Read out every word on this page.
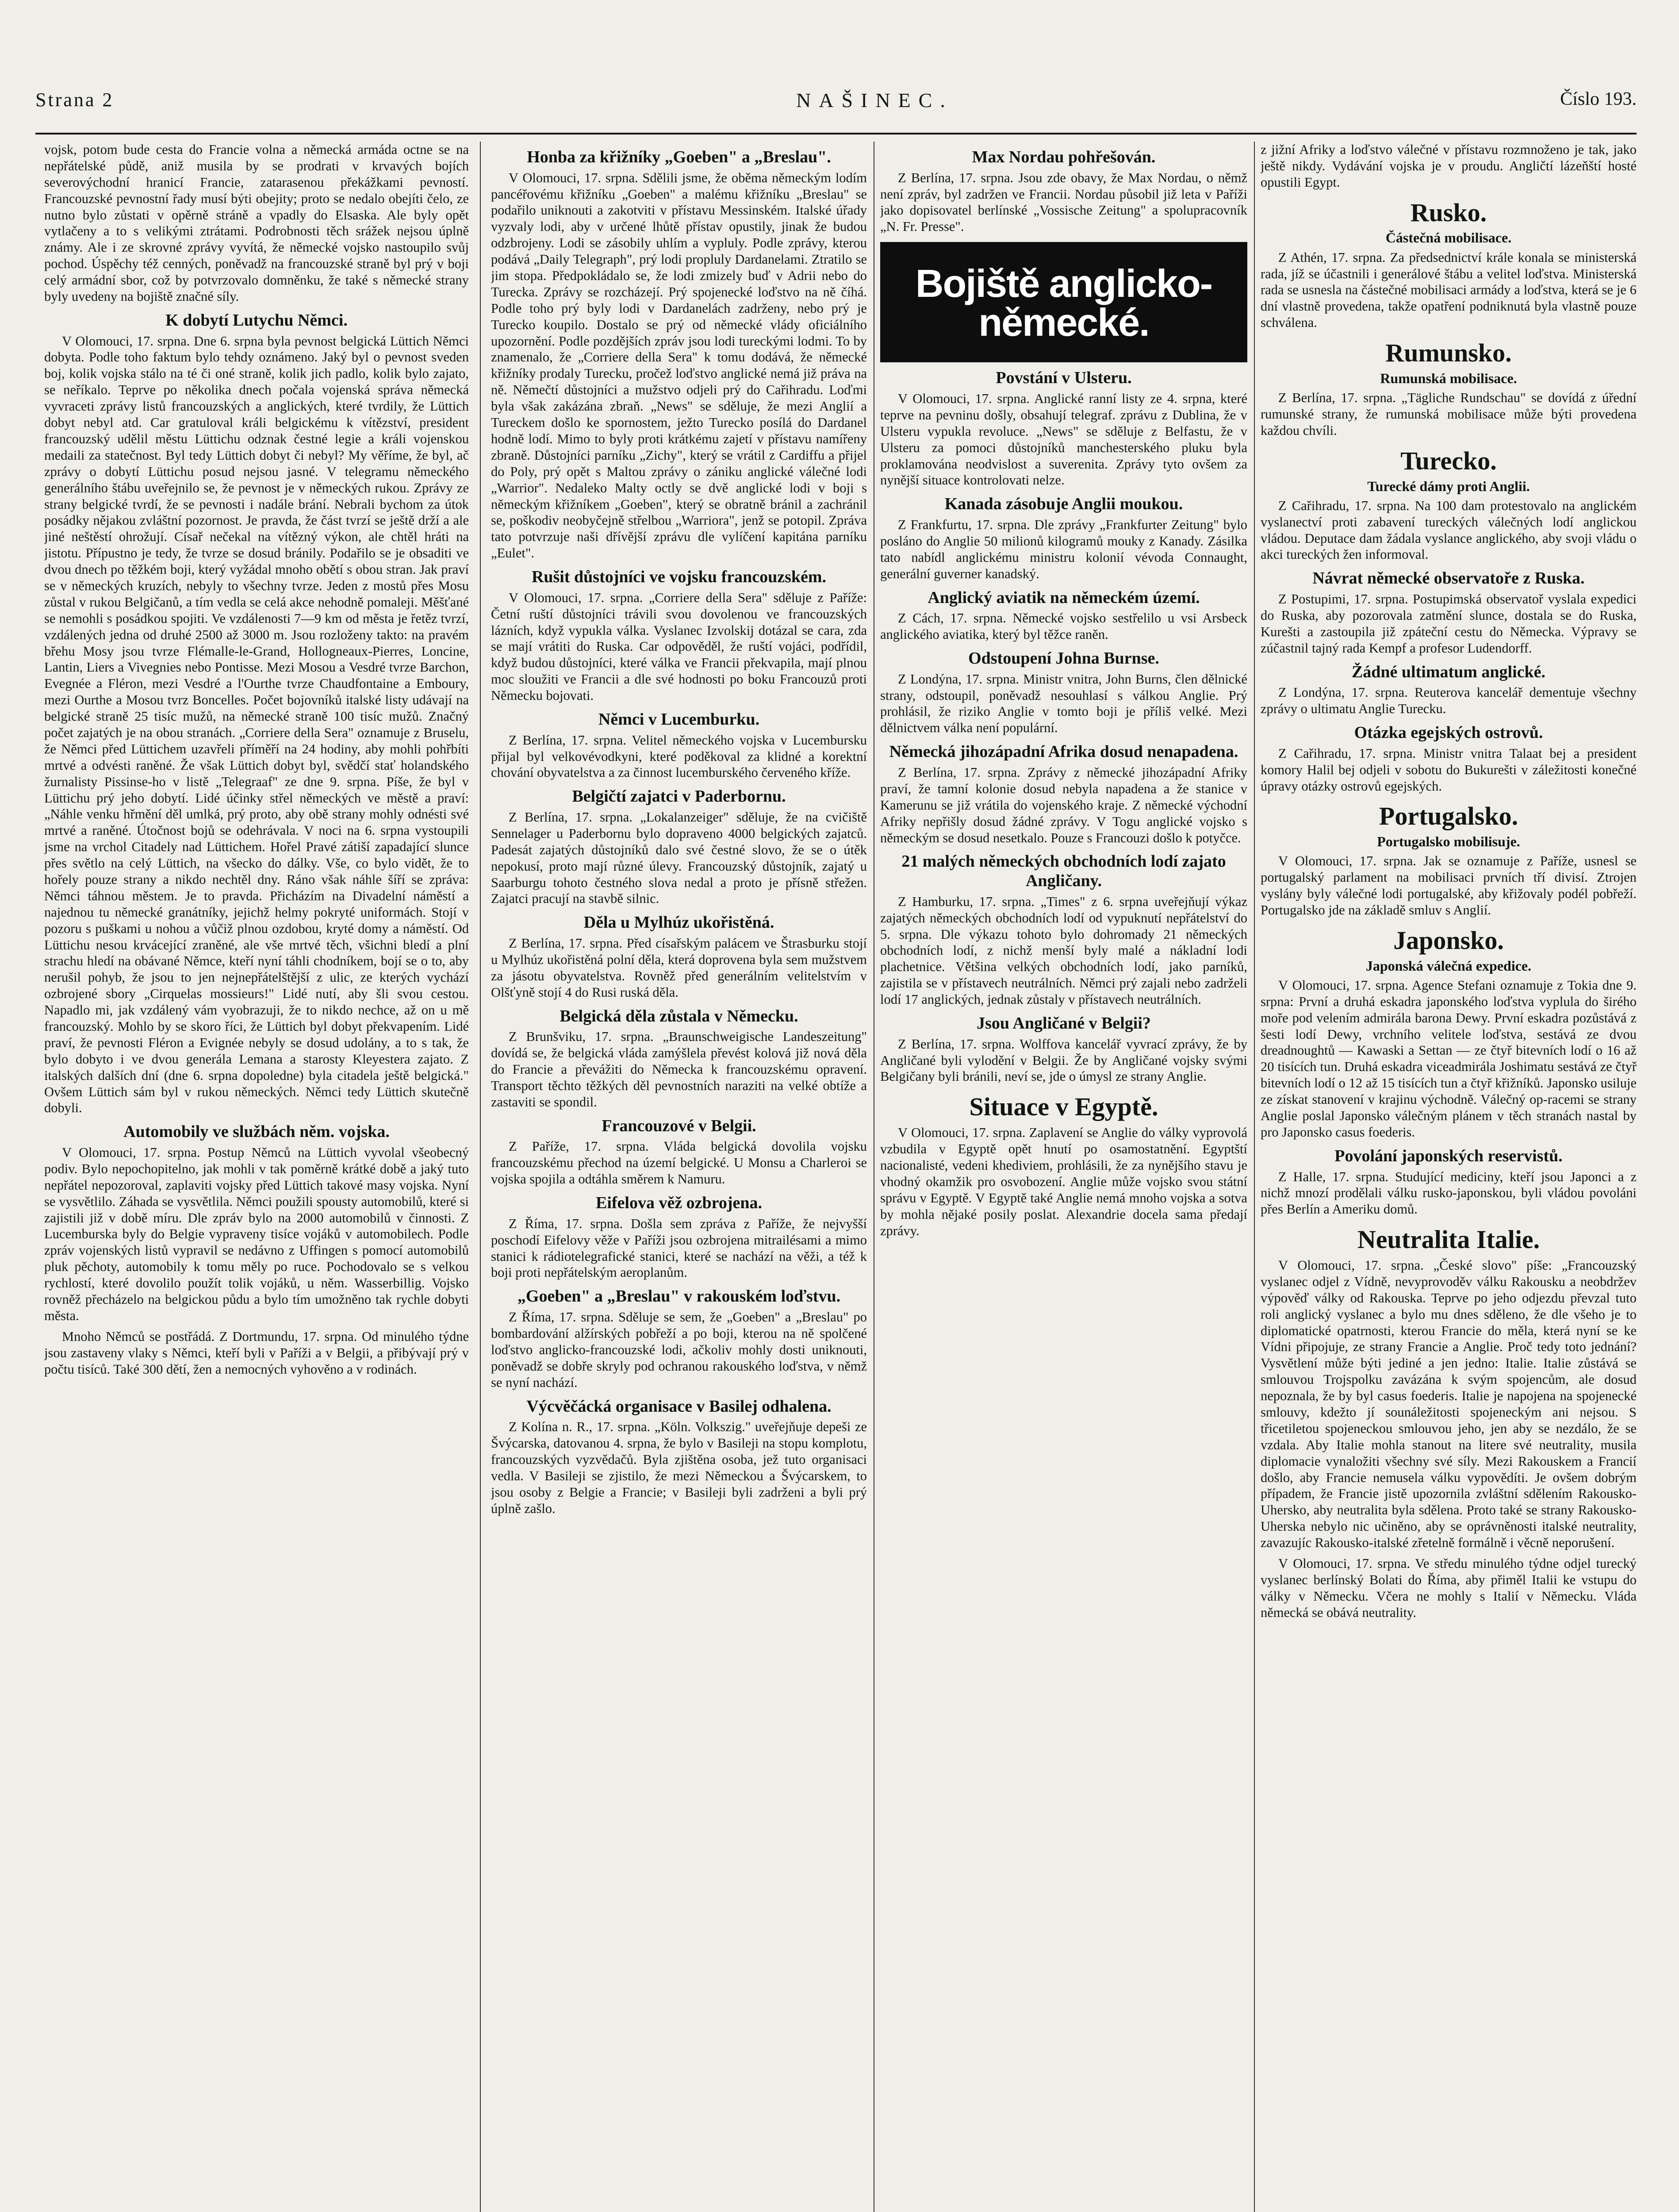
Strana 2	NAŠINEC.	Číslo 193.

vojsk, potom bude cesta do Francie volna a německá armáda octne se na nepřátelské půdě, aniž musila by se prodrati v krvavých bojích severovýchodní hranicí Francie, zatarasenou překážkami pevností. Francouzské pevnostní řady musí býti obejity; proto se nedalo obejíti čelo, ze nutno bylo zůstati v opěrně stráně a vpadly do Elsaska. Ale byly opět vytlačeny a to s velikými ztrátami. Podrobnosti těch srážek nejsou úplně známy. Ale i ze skrovné zprávy vyvítá, že německé vojsko nastoupilo svůj pochod. Úspěchy též cenných, poněvadž na francouzské straně byl prý v boji celý armádní sbor, což by potvrzovalo domněnku, že také s německé strany byly uvedeny na bojiště značné síly.

K dobytí Lutychu Němci.

V Olomouci, 17. srpna. Dne 6. srpna byla pevnost belgická Lüttich Němci dobyta. Podle toho faktum bylo tehdy oznámeno. Jaký byl o pevnost sveden boj, kolik vojska stálo na té či oné straně, kolik jich padlo, kolik bylo zajato, se neříkalo. Teprve po několika dnech počala vojenská správa německá vyvraceti zprávy listů francouzských a anglických, které tvrdily, že Lüttich dobyt nebyl atd. Car gratuloval králi belgickému k vítězství, president francouzský udělil městu Lüttichu odznak čestné legie a králi vojenskou medaili za statečnost. Byl tedy Lüttich dobyt či nebyl? My věříme, že byl, ač zprávy o dobytí Lüttichu posud nejsou jasné. V telegramu německého generálního štábu uveřejnilo se, že pevnost je v německých rukou. Zprávy ze strany belgické tvrdí, že se pevnosti i nadále brání. Nebrali bychom za útok posádky nějakou zvláštní pozornost. Je pravda, že část tvrzí se ještě drží a ale jiné neštěstí ohrožují. Císař nečekal na vítězný výkon, ale chtěl hráti na jistotu. Přípustno je tedy, že tvrze se dosud bránily. Podařilo se je obsaditi ve dvou dnech po těžkém boji, který vyžádal mnoho obětí s obou stran. Jak praví se v německých kruzích, nebyly to všechny tvrze. Jeden z mostů přes Mosu zůstal v rukou Belgičanů, a tím vedla se celá akce nehodně pomaleji. Měšťané se nemohli s posádkou spojiti. Ve vzdálenosti 7—9 km od města je řetěz tvrzí, vzdálených jedna od druhé 2500 až 3000 m. Jsou rozloženy takto: na pravém břehu Mosy jsou tvrze Flémalle-le-Grand, Hollogneaux-Pierres, Loncine, Lantin, Liers a Vivegnies nebo Pontisse. Mezi Mosou a Vesdré tvrze Barchon, Evegnée a Fléron, mezi Vesdré a l'Ourthe tvrze Chaudfontaine a Emboury, mezi Ourthe a Mosou tvrz Boncelles. Počet bojovníků italské listy udávají na belgické straně 25 tisíc mužů, na německé straně 100 tisíc mužů. Značný počet zajatých je na obou stranách. „Corriere della Sera" oznamuje z Bruselu, že Němci před Lüttichem uzavřeli příměří na 24 hodiny, aby mohli pohřbíti mrtvé a odvésti raněné. Že však Lüttich dobyt byl, svědčí stať holandského žurnalisty Pissinse-ho v listě „Telegraaf" ze dne 9. srpna. Píše, že byl v Lüttichu prý jeho dobytí. Lidé účinky střel německých ve městě a praví: „Náhle venku hřmění děl umlká, prý proto, aby obě strany mohly odnésti své mrtvé a raněné. Útočnost bojů se odehrávala. V noci na 6. srpna vystoupili jsme na vrchol Citadely nad Lüttichem. Hořel Pravé zátiší zapadající slunce přes světlo na celý Lüttich, na všecko do dálky. Vše, co bylo vidět, že to hořely pouze strany a nikdo nechtěl dny. Ráno však náhle šíří se zpráva: Němci táhnou městem. Je to pravda. Přicházím na Divadelní náměstí a najednou tu německé granátníky, jejichž helmy pokryté uniformách. Stojí v pozoru s puškami u nohou a vůčiž plnou ozdobou, kryté domy a náměstí. Od Lüttichu nesou krvácející zraněné, ale vše mrtvé těch, všichni bledí a plní strachu hledí na obávané Němce, kteří nyní táhli chodníkem, bojí se o to, aby nerušil pohyb, že jsou to jen nejnepřátelštější z ulic, ze kterých vychází ozbrojené sbory „Cirquelas mossieurs!" Lidé nutí, aby šli svou cestou. Napadlo mi, jak vzdálený vám vyobrazuji, že to nikdo nechce, až on u mě francouzský. Mohlo by se skoro říci, že Lüttich byl dobyt překvapením. Lidé praví, že pevnosti Fléron a Evignée nebyly se dosud udolány, a to s tak, že bylo dobyto i ve dvou generála Lemana a starosty Kleyestera zajato. Z italských dalších dní (dne 6. srpna dopoledne) byla citadela ještě belgická." Ovšem Lüttich sám byl v rukou německých. Němci tedy Lüttich skutečně dobyli.

Automobily ve službách něm. vojska.

V Olomouci, 17. srpna. Postup Němců na Lüttich vyvolal všeobecný podiv. Bylo nepochopitelno, jak mohli v tak poměrně krátké době a jaký tuto nepřátel nepozoroval, zaplaviti vojsky před Lüttich takové masy vojska. Nyní se vysvětlilo. Záhada se vysvětlila. Němci použili spousty automobilů, které si zajistili již v době míru. Dle zpráv bylo na 2000 automobilů v činnosti. Z Lucemburska byly do Belgie vypraveny tisíce vojáků v automobilech. Podle zpráv vojenských listů vypravil se nedávno z Uffingen s pomocí automobilů pluk pěchoty, automobily k tomu měly po ruce. Pochodovalo se s velkou rychlostí, které dovolilo použít tolik vojáků, u něm. Wasserbillig. Vojsko rovněž přecházelo na belgickou půdu a bylo tím umožněno tak rychle dobyti města.

Mnoho Němců se postřádá. Z Dortmundu, 17. srpna. Od minulého týdne jsou zastaveny vlaky s Němci, kteří byli v Paříži a v Belgii, a přibývají prý v počtu tisíců. Také 300 dětí, žen a nemocných vyhověno a v rodinách.

Honba za křižníky „Goeben" a „Breslau".

V Olomouci, 17. srpna. Sdělili jsme, že oběma německým lodím pancéřovému křižníku „Goeben" a malému křižníku „Breslau" se podařilo uniknouti a zakotviti v přístavu Messinském. Italské úřady vyzvaly lodi, aby v určené lhůtě přístav opustily, jinak že budou odzbrojeny. Lodi se zásobily uhlím a vypluly. Podle zprávy, kterou podává „Daily Telegraph", prý lodi propluly Dardanelami. Ztratilo se jim stopa. Předpokládalo se, že lodi zmizely buď v Adrii nebo do Turecka. Zprávy se rozcházejí. Prý spojenecké loďstvo na ně číhá. Podle toho prý byly lodi v Dardanelách zadrženy, nebo prý je Turecko koupilo. Dostalo se prý od německé vlády oficiálního upozornění. Podle pozdějších zpráv jsou lodi tureckými lodmi. To by znamenalo, že „Corriere della Sera" k tomu dodává, že německé křižníky prodaly Turecku, pročež loďstvo anglické nemá již práva na ně. Němečtí důstojníci a mužstvo odjeli prý do Cařihradu. Loďmi byla však zakázána zbraň. „News" se sděluje, že mezi Anglií a Tureckem došlo ke spornostem, ježto Turecko posílá do Dardanel hodně lodí. Mimo to byly proti krátkému zajetí v přístavu namířeny zbraně. Důstojníci parníku „Zichy", který se vrátil z Cardiffu a přijel do Poly, prý opět s Maltou zprávy o zániku anglické válečné lodi „Warrior". Nedaleko Malty octly se dvě anglické lodi v boji s německým křižníkem „Goeben", který se obratně bránil a zachránil se, poškodiv neobyčejně střelbou „Warriora", jenž se potopil. Zpráva tato potvrzuje naši dřívější zprávu dle vylíčení kapitána parníku „Eulet".

Rušit důstojníci ve vojsku francouzském.

V Olomouci, 17. srpna. „Corriere della Sera" sděluje z Paříže: Četní ruští důstojníci trávili svou dovolenou ve francouzských lázních, když vypukla válka. Vyslanec Izvolskij dotázal se cara, zda se mají vrátiti do Ruska. Car odpověděl, že ruští vojáci, podřídil, když budou důstojníci, které válka ve Francii překvapila, mají plnou moc sloužiti ve Francii a dle své hodnosti po boku Francouzů proti Německu bojovati.

Němci v Lucemburku.

Z Berlína, 17. srpna. Velitel německého vojska v Lucembursku přijal byl velkovévodkyni, které poděkoval za klidné a korektní chování obyvatelstva a za činnost lucemburského červeného kříže.

Belgičtí zajatci v Paderbornu.

Z Berlína, 17. srpna. „Lokalanzeiger" sděluje, že na cvičiště Sennelager u Paderbornu bylo dopraveno 4000 belgických zajatců. Padesát zajatých důstojníků dalo své čestné slovo, že se o útěk nepokusí, proto mají různé úlevy. Francouzský důstojník, zajatý u Saarburgu tohoto čestného slova nedal a proto je přísně střežen. Zajatci pracují na stavbě silnic.

Děla u Mylhúz ukořistěná.

Z Berlína, 17. srpna. Před císařským palácem ve Štrasburku stojí u Mylhúz ukořistěná polní děla, která doprovena byla sem mužstvem za jásotu obyvatelstva. Rovněž před generálním velitelstvím v Olšťyně stojí 4 do Rusi ruská děla.

Belgická děla zůstala v Německu.

Z Brunšviku, 17. srpna. „Braunschweigische Landeszeitung" dovídá se, že belgická vláda zamýšlela převést kolová již nová děla do Francie a převážiti do Německa k francouzskému opravení. Transport těchto těžkých děl pevnostních naraziti na velké obtíže a zastaviti se spondil.

Francouzové v Belgii.

Z Paříže, 17. srpna. Vláda belgická dovolila vojsku francouzskému přechod na území belgické. U Monsu a Charleroi se vojska spojila a odtáhla směrem k Namuru.

Eifelova věž ozbrojena.

Z Říma, 17. srpna. Došla sem zpráva z Paříže, že nejvyšší poschodí Eifelovy věže v Paříži jsou ozbrojena mitrailésami a mimo stanici k rádiotelegrafické stanici, které se nachází na věži, a též k boji proti nepřátelským aeroplanům.

„Goeben" a „Breslau" v rakouském loďstvu.

Z Říma, 17. srpna. Sděluje se sem, že „Goeben" a „Breslau" po bombardování alžírských pobřeží a po boji, kterou na ně spolčené loďstvo anglicko-francouzské lodi, ačkoliv mohly dosti uniknouti, poněvadž se dobře skryly pod ochranou rakouského loďstva, v němž se nyní nachází.

Výcvěčácká organisace v Basilej odhalena.

Z Kolína n. R., 17. srpna. „Köln. Volkszig." uveřejňuje depeši ze Švýcarska, datovanou 4. srpna, že bylo v Basileji na stopu komplotu, francouzských vyzvědačů. Byla zjištěna osoba, jež tuto organisaci vedla. V Basileji se zjistilo, že mezi Německou a Švýcarskem, to jsou osoby z Belgie a Francie; v Basileji byli zadrženi a byli prý úplně zašlo.

Max Nordau pohřešován.

Z Berlína, 17. srpna. Jsou zde obavy, že Max Nordau, o němž není zpráv, byl zadržen ve Francii. Nordau působil již leta v Paříži jako dopisovatel berlínské „Vossische Zeitung" a spolupracovník „N. Fr. Presse".

Bojiště anglicko-německé.
Povstání v Ulsteru.

V Olomouci, 17. srpna. Anglické ranní listy ze 4. srpna, které teprve na pevninu došly, obsahují telegraf. zprávu z Dublina, že v Ulsteru vypukla revoluce. „News" se sděluje z Belfastu, že v Ulsteru za pomoci důstojníků manchesterského pluku byla proklamována neodvislost a suverenita. Zprávy tyto ovšem za nynější situace kontrolovati nelze.

Kanada zásobuje Anglii moukou.

Z Frankfurtu, 17. srpna. Dle zprávy „Frankfurter Zeitung" bylo posláno do Anglie 50 milionů kilogramů mouky z Kanady. Zásilka tato nabídl anglickému ministru kolonií vévoda Connaught, generální guverner kanadský.

Anglický aviatik na německém území.

Z Cách, 17. srpna. Německé vojsko sestřelilo u vsi Arsbeck anglického aviatika, který byl těžce raněn.

Odstoupení Johna Burnse.

Z Londýna, 17. srpna. Ministr vnitra, John Burns, člen dělnické strany, odstoupil, poněvadž nesouhlasí s válkou Anglie. Prý prohlásil, že riziko Anglie v tomto boji je příliš velké. Mezi dělnictvem válka není populární.

Německá jihozápadní Afrika dosud nenapadena.

Z Berlína, 17. srpna. Zprávy z německé jihozápadní Afriky praví, že tamní kolonie dosud nebyla napadena a že stanice v Kamerunu se již vrátila do vojenského kraje. Z německé východní Afriky nepřišly dosud žádné zprávy. V Togu anglické vojsko s německým se dosud nesetkalo. Pouze s Francouzi došlo k potyčce.

21 malých německých obchodních lodí zajato Angličany.

Z Hamburku, 17. srpna. „Times" z 6. srpna uveřejňují výkaz zajatých německých obchodních lodí od vypuknutí nepřátelství do 5. srpna. Dle výkazu tohoto bylo dohromady 21 německých obchodních lodí, z nichž menší byly malé a nákladní lodi plachetnice. Většina velkých obchodních lodí, jako parníků, zajistila se v přístavech neutrálních. Němci prý zajali nebo zadrželi lodí 17 anglických, jednak zůstaly v přístavech neutrálních.

Jsou Angličané v Belgii?

Z Berlína, 17. srpna. Wolffova kancelář vyvrací zprávy, že by Angličané byli vylodění v Belgii. Že by Angličané vojsky svými Belgičany byli bránili, neví se, jde o úmysl ze strany Anglie.

Situace v Egyptě.

V Olomouci, 17. srpna. Zaplavení se Anglie do války vyprovolá vzbudila v Egyptě opět hnutí po osamostatnění. Egyptští nacionalisté, vedeni khediviem, prohlásili, že za nynějšího stavu je vhodný okamžik pro osvobození. Anglie může vojsko svou státní správu v Egyptě. V Egyptě také Anglie nemá mnoho vojska a sotva by mohla nějaké posily poslat. Alexandrie docela sama předají zprávy.

z jižní Afriky a loďstvo válečné v přístavu rozmnoženo je tak, jako ještě nikdy. Vydávání vojska je v proudu. Angličtí lázeňští hosté opustili Egypt.

Rusko.
Částečná mobilisace.

Z Athén, 17. srpna. Za předsednictví krále konala se ministerská rada, jíž se účastnili i generálové štábu a velitel loďstva. Ministerská rada se usnesla na částečné mobilisaci armády a loďstva, která se je 6 dní vlastně provedena, takže opatření podniknutá byla vlastně pouze schválena.

Rumunsko.
Rumunská mobilisace.

Z Berlína, 17. srpna. „Tägliche Rundschau" se dovídá z úřední rumunské strany, že rumunská mobilisace může býti provedena každou chvíli.

Turecko.
Turecké dámy proti Anglii.

Z Cařihradu, 17. srpna. Na 100 dam protestovalo na anglickém vyslanectví proti zabavení tureckých válečných lodí anglickou vládou. Deputace dam žádala vyslance anglického, aby svoji vládu o akci tureckých žen informoval.

Návrat německé observatoře z Ruska.

Z Postupimi, 17. srpna. Postupimská observatoř vyslala expedici do Ruska, aby pozorovala zatmění slunce, dostala se do Ruska, Kurešti a zastoupila již zpáteční cestu do Německa. Výpravy se zúčastnil tajný rada Kempf a profesor Ludendorff.

Žádné ultimatum anglické.

Z Londýna, 17. srpna. Reuterova kancelář dementuje všechny zprávy o ultimatu Anglie Turecku.

Otázka egejských ostrovů.

Z Cařihradu, 17. srpna. Ministr vnitra Talaat bej a president komory Halil bej odjeli v sobotu do Bukurešti v záležitosti konečné úpravy otázky ostrovů egejských.

Portugalsko.
Portugalsko mobilisuje.

V Olomouci, 17. srpna. Jak se oznamuje z Paříže, usnesl se portugalský parlament na mobilisaci prvních tří divisí. Ztrojen vyslány byly válečné lodi portugalské, aby křižovaly podél pobřeží. Portugalsko jde na základě smluv s Anglií.

Japonsko.
Japonská válečná expedice.

V Olomouci, 17. srpna. Agence Stefani oznamuje z Tokia dne 9. srpna: První a druhá eskadra japonského loďstva vyplula do širého moře pod velením admirála barona Dewy. První eskadra pozůstává z šesti lodí Dewy, vrchního velitele loďstva, sestává ze dvou dreadnoughtů — Kawaski a Settan — ze čtyř bitevních lodí o 16 až 20 tisících tun. Druhá eskadra viceadmirála Joshimatu sestává ze čtyř bitevních lodí o 12 až 15 tisících tun a čtyř křižníků. Japonsko usiluje ze získat stanovení v krajinu východně. Válečný op-racemi se strany Anglie poslal Japonsko válečným plánem v těch stranách nastal by pro Japonsko casus foederis.

Povolání japonských reservistů.

Z Halle, 17. srpna. Studující mediciny, kteří jsou Japonci a z nichž mnozí prodělali válku rusko-japonskou, byli vládou povoláni přes Berlín a Ameriku domů.

Neutralita Italie.

V Olomouci, 17. srpna. „České slovo" píše: „Francouzský vyslanec odjel z Vídně, nevyprovoděv válku Rakousku a neobdržev výpověď války od Rakouska. Teprve po jeho odjezdu převzal tuto roli anglický vyslanec a bylo mu dnes sděleno, že dle všeho je to diplomatické opatrnosti, kterou Francie do měla, která nyní se ke Vídni připojuje, ze strany Francie a Anglie. Proč tedy toto jednání? Vysvětlení může býti jediné a jen jedno: Italie. Italie zůstává se smlouvou Trojspolku zavázána k svým spojencům, ale dosud nepoznala, že by byl casus foederis. Italie je napojena na spojenecké smlouvy, kdežto jí sounáležitosti spojeneckým ani nejsou. S třicetiletou spojeneckou smlouvou jeho, jen aby se nezdálo, že se vzdala. Aby Italie mohla stanout na litere své neutrality, musila diplomacie vynaložiti všechny své síly. Mezi Rakouskem a Francií došlo, aby Francie nemusela válku vypovědíti. Je ovšem dobrým případem, že Francie jistě upozornila zvláštní sdělením Rakousko-Uhersko, aby neutralita byla sdělena. Proto také se strany Rakousko-Uherska nebylo nic učiněno, aby se oprávněnosti italské neutrality, zavazujíc Rakousko-italské zřetelně formálně i věcně neporušení.

V Olomouci, 17. srpna. Ve středu minulého týdne odjel turecký vyslanec berlínský Bolati do Říma, aby přiměl Italii ke vstupu do války v Německu. Včera ne mohly s Italií v Německu. Vláda německá se obává neutrality.
